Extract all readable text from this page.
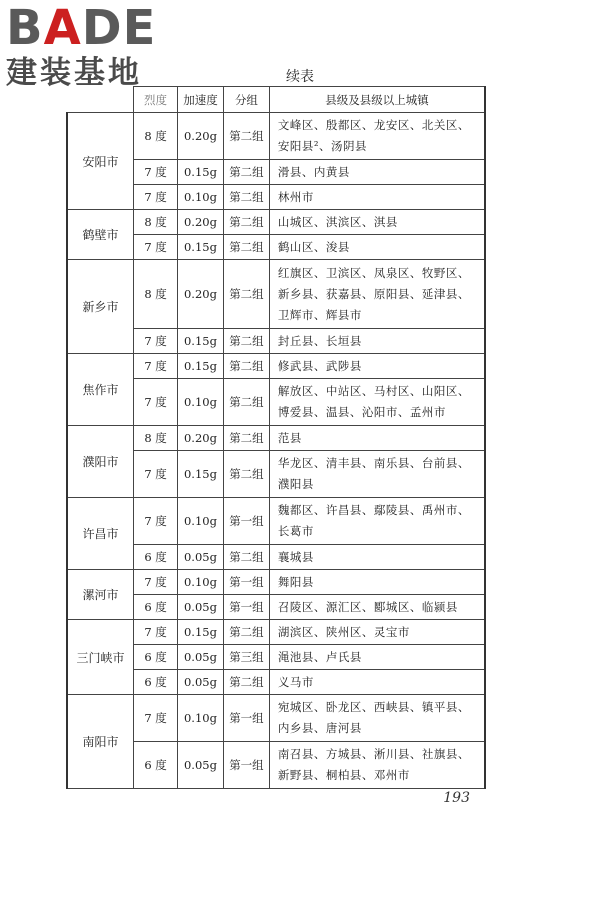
BADE
建装基地	续表
	烈度	加速度	分组	县级及县级以上城镇
安阳市	8 度	0.20g	第二组	文峰区、殷都区、龙安区、北关区、安阳县²、汤阴县
	7 度	0.15g	第二组	滑县、内黄县
	7 度	0.10g	第二组	林州市
鹤壁市	8 度	0.20g	第二组	山城区、淇滨区、淇县
	7 度	0.15g	第二组	鹤山区、浚县
新乡市	8 度	0.20g	第二组	红旗区、卫滨区、凤泉区、牧野区、新乡县、获嘉县、原阳县、延津县、卫辉市、辉县市
	7 度	0.15g	第二组	封丘县、长垣县
焦作市	7 度	0.15g	第二组	修武县、武陟县
	7 度	0.10g	第二组	解放区、中站区、马村区、山阳区、博爱县、温县、沁阳市、孟州市
濮阳市	8 度	0.20g	第二组	范县
	7 度	0.15g	第二组	华龙区、清丰县、南乐县、台前县、濮阳县
许昌市	7 度	0.10g	第一组	魏都区、许昌县、鄢陵县、禹州市、长葛市
	6 度	0.05g	第二组	襄城县
漯河市	7 度	0.10g	第一组	舞阳县
	6 度	0.05g	第一组	召陵区、源汇区、郾城区、临颍县
三门峡市	7 度	0.15g	第二组	湖滨区、陕州区、灵宝市
	6 度	0.05g	第三组	渑池县、卢氏县
	6 度	0.05g	第二组	义马市
南阳市	7 度	0.10g	第一组	宛城区、卧龙区、西峡县、镇平县、内乡县、唐河县
	6 度	0.05g	第一组	南召县、方城县、淅川县、社旗县、新野县、桐柏县、邓州市
193
